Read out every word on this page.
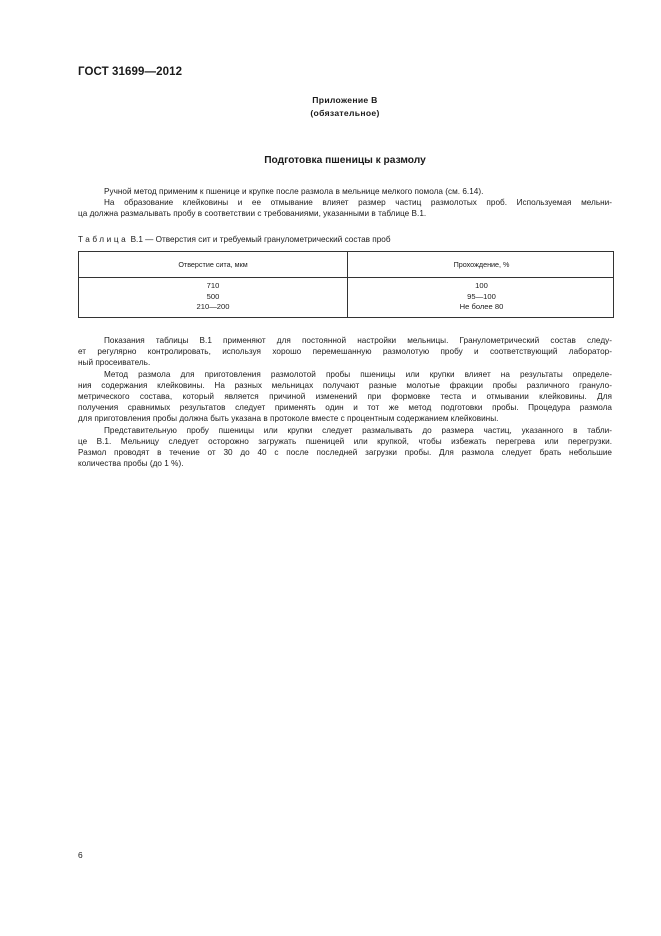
ГОСТ 31699—2012
Приложение В
(обязательное)
Подготовка пшеницы к размолу
Ручной метод применим к пшенице и крупке после размола в мельнице мелкого помола (см. 6.14).
На образование клейковины и ее отмывание влияет размер частиц размолотых проб. Используемая мельни-
ца должна размалывать пробу в соответствии с требованиями, указанными в таблице В.1.
Таблица В.1 — Отверстия сит и требуемый гранулометрический состав проб
Отверстие сита, мкм	Прохождение, %
710
500
210—200
100
95—100
Не более 80
Показания таблицы В.1 применяют для постоянной настройки мельницы. Гранулометрический состав следу-
ет регулярно контролировать, используя хорошо перемешанную размолотую пробу и соответствующий лаборатор-
ный просеиватель.
Метод размола для приготовления размолотой пробы пшеницы или крупки влияет на результаты определе-
ния содержания клейковины. На разных мельницах получают разные молотые фракции пробы различного грануло-
метрического состава, который является причиной изменений при формовке теста и отмывании клейковины. Для
получения сравнимых результатов следует применять один и тот же метод подготовки пробы. Процедура размола
для приготовления пробы должна быть указана в протоколе вместе с процентным содержанием клейковины.
Представительную пробу пшеницы или крупки следует размалывать до размера частиц, указанного в табли-
це В.1. Мельницу следует осторожно загружать пшеницей или крупкой, чтобы избежать перегрева или перегрузки.
Размол проводят в течение от 30 до 40 с после последней загрузки пробы. Для размола следует брать небольшие
количества пробы (до 1 %).
6
